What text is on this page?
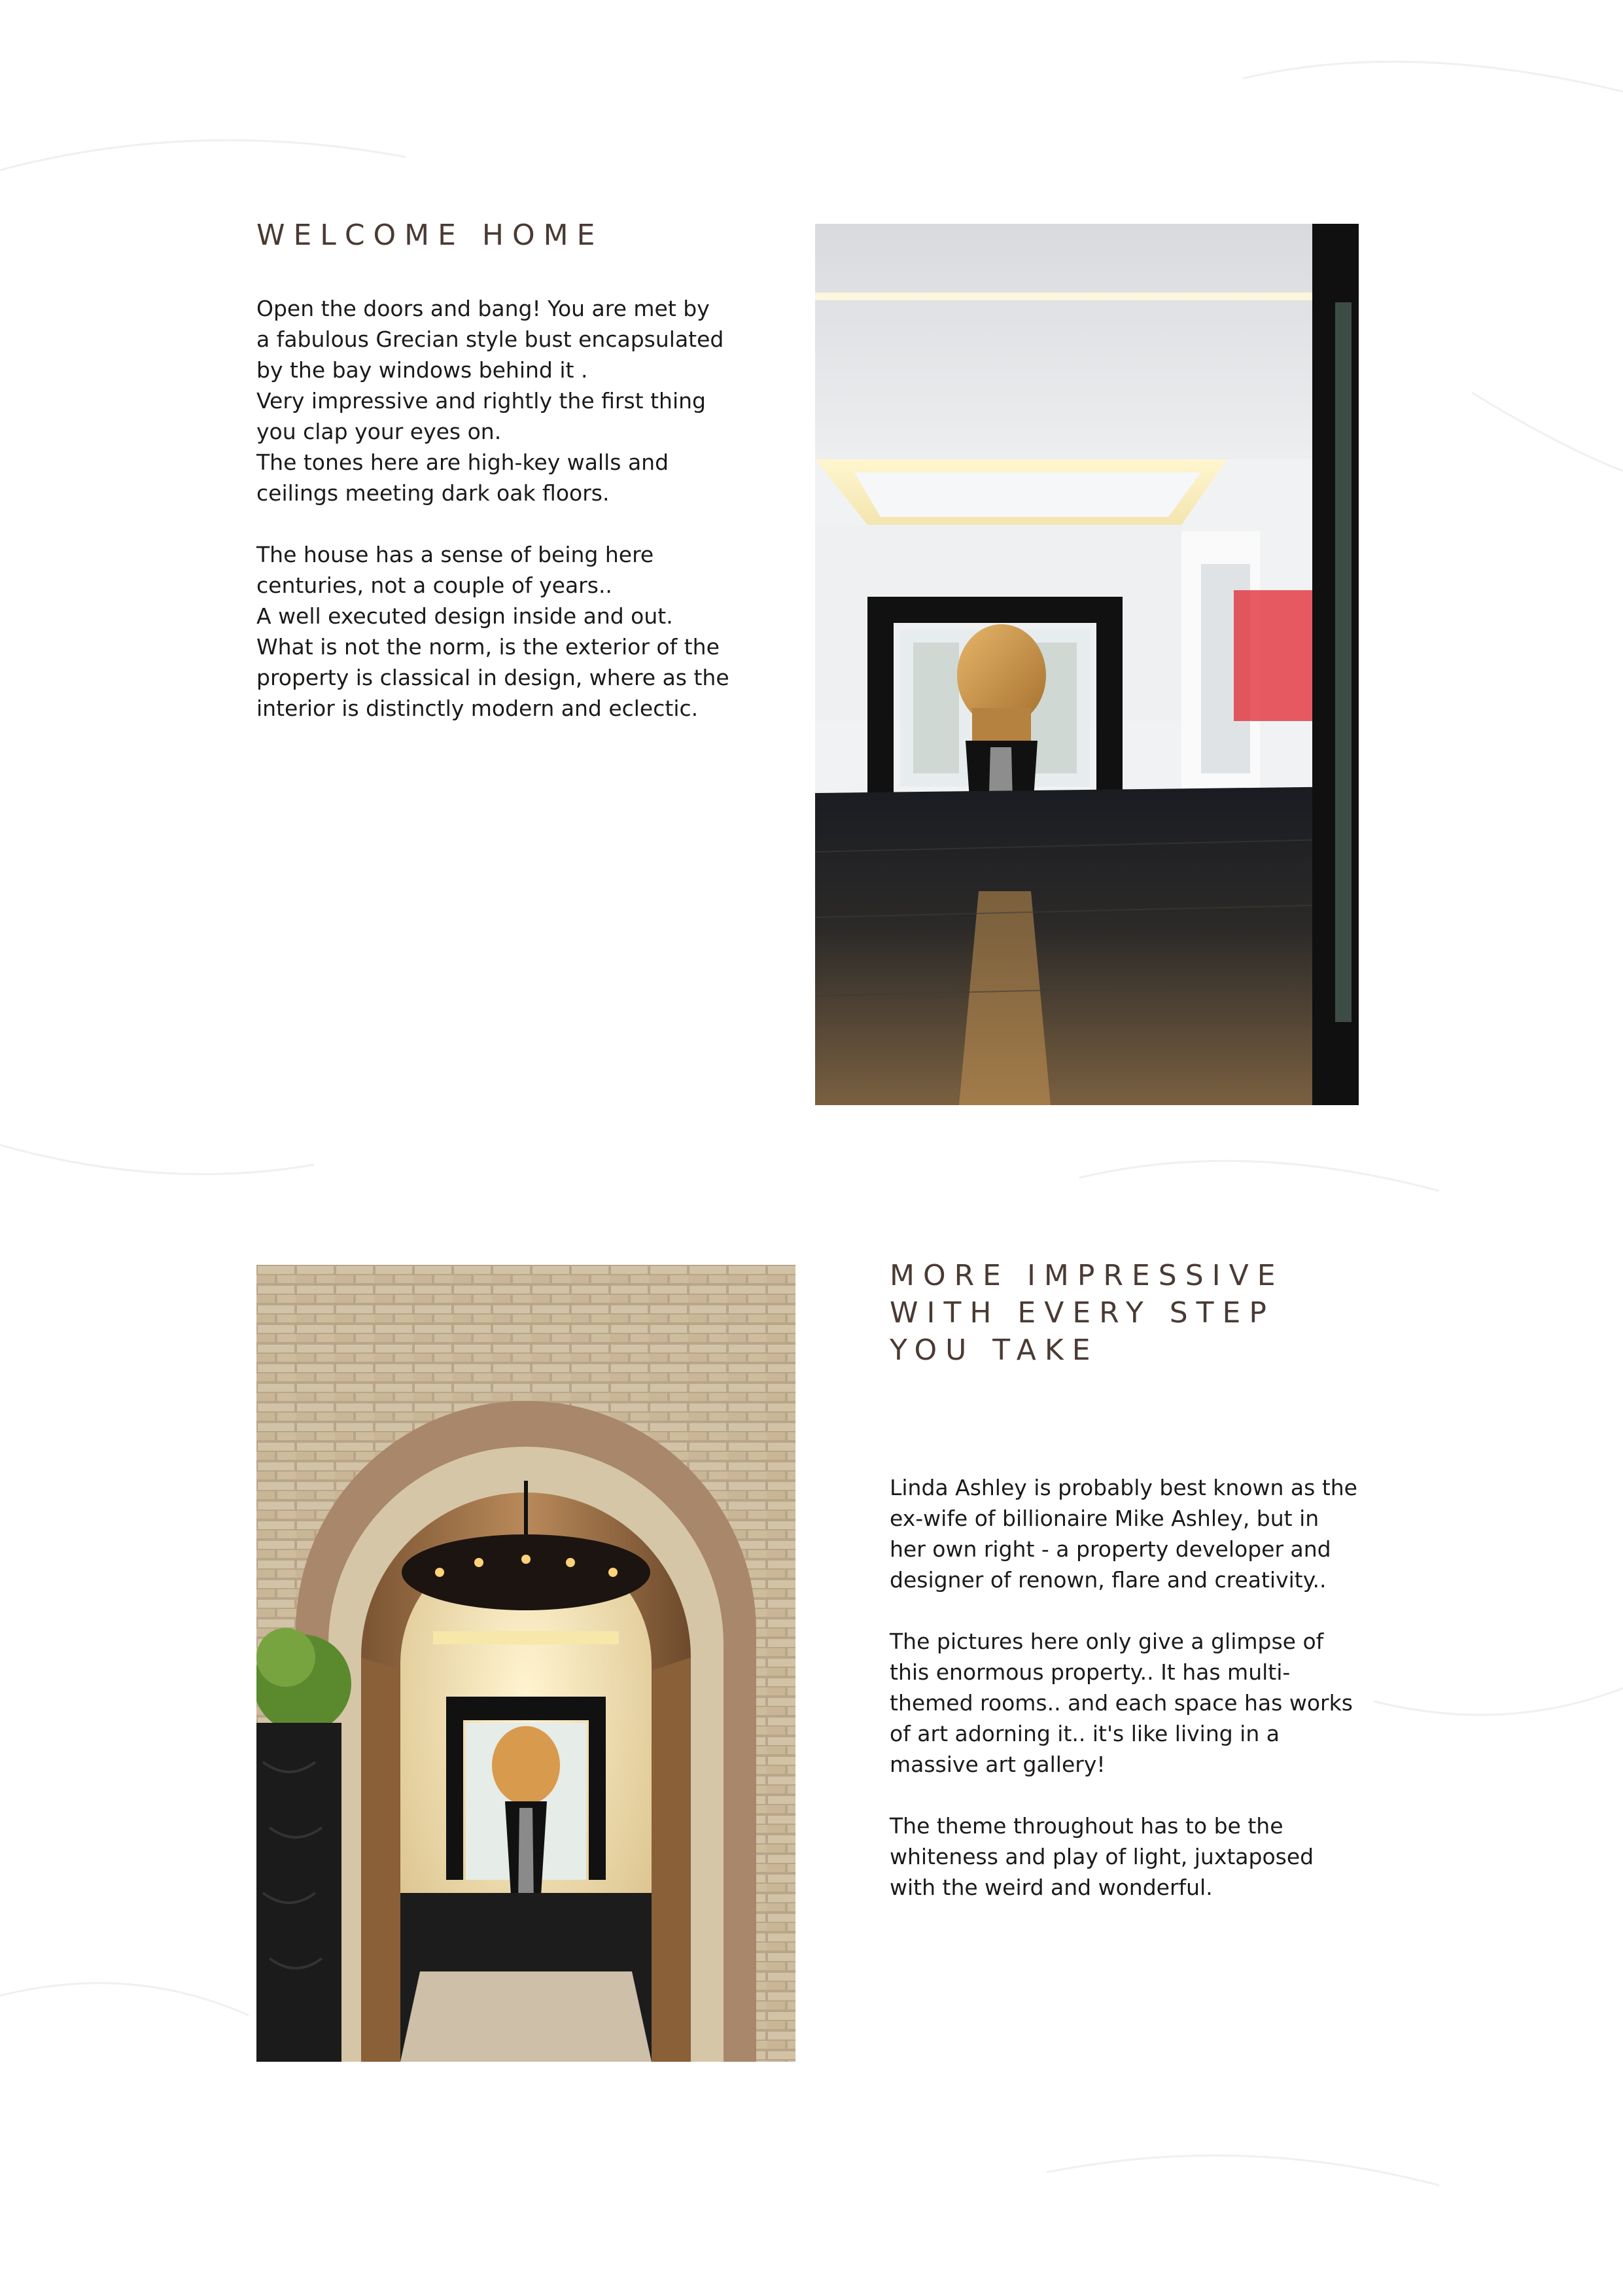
WELCOME HOME

Open the doors and bang! You are met by
a fabulous Grecian style bust encapsulated
by the bay windows behind it .
Very impressive and rightly the first thing
you clap your eyes on.
The tones here are high-key walls and
ceilings meeting dark oak floors.

The house has a sense of being here
centuries, not a couple of years..
A well executed design inside and out.
What is not the norm, is the exterior of the
property is classical in design, where as the
interior is distinctly modern and eclectic.

MORE IMPRESSIVE
WITH EVERY STEP
YOU TAKE

Linda Ashley is probably best known as the
ex-wife of billionaire Mike Ashley, but in
her own right - a property developer and
designer of renown, flare and creativity..

The pictures here only give a glimpse of
this enormous property.. It has multi-
themed rooms.. and each space has works
of art adorning it.. it's like living in a
massive art gallery!

The theme throughout has to be the
whiteness and play of light, juxtaposed
with the weird and wonderful.
